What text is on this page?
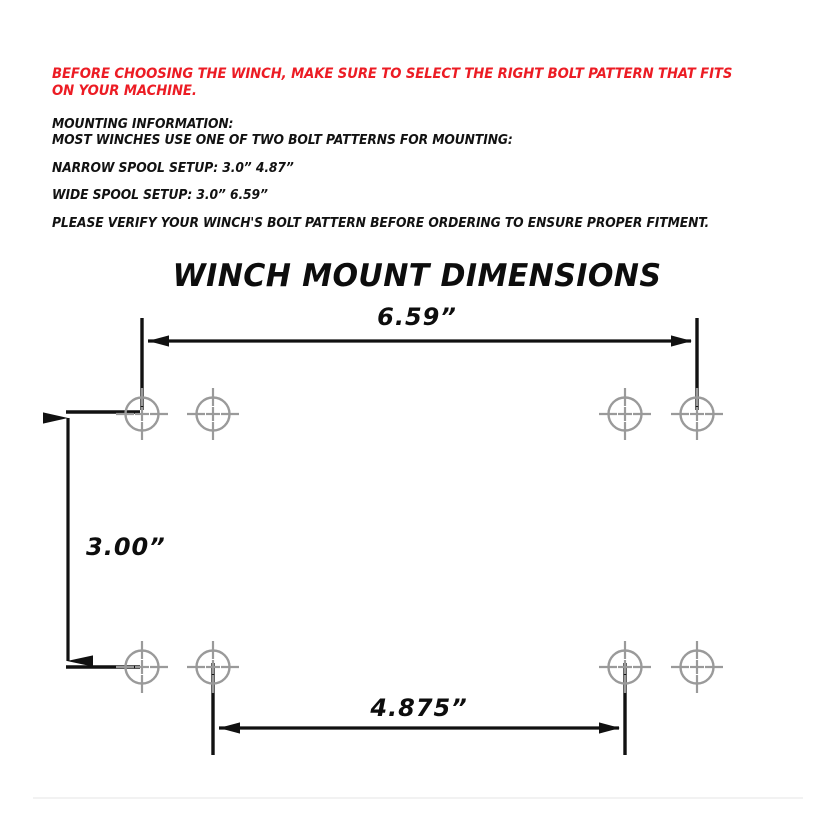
BEFORE CHOOSING THE WINCH, MAKE SURE TO SELECT THE RIGHT BOLT PATTERN THAT FITS
ON YOUR MACHINE.
MOUNTING INFORMATION:
MOST WINCHES USE ONE OF TWO BOLT PATTERNS FOR MOUNTING:
NARROW SPOOL SETUP: 3.0” 4.87”
WIDE SPOOL SETUP: 3.0” 6.59”
PLEASE VERIFY YOUR WINCH'S BOLT PATTERN BEFORE ORDERING TO ENSURE PROPER FITMENT.
WINCH MOUNT DIMENSIONS
6.59”
3.00”
4.875”
